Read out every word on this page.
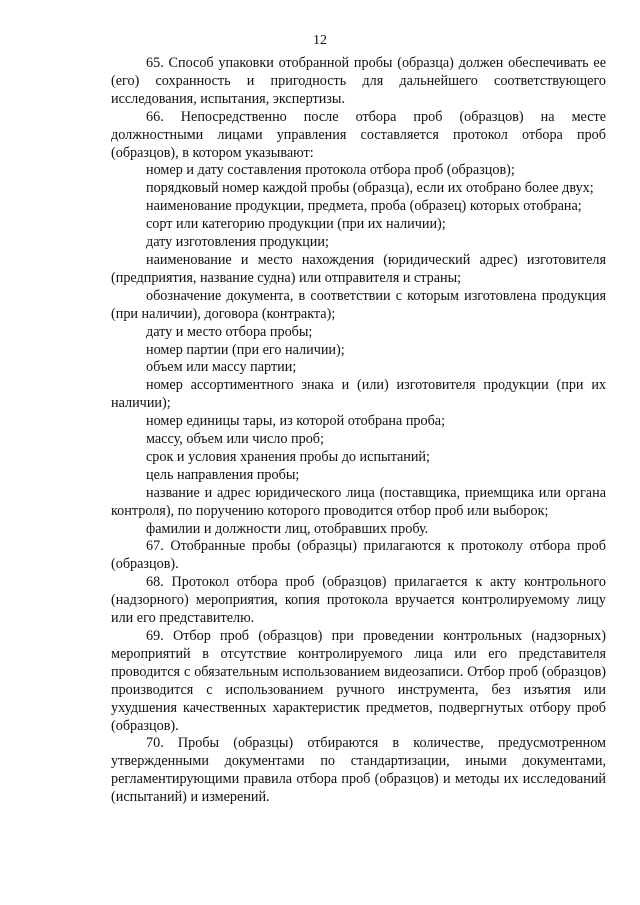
12

65. Способ упаковки отобранной пробы (образца) должен обеспечивать ее (его) сохранность и пригодность для дальнейшего соответствующего исследования, испытания, экспертизы.

66. Непосредственно после отбора проб (образцов) на месте должностными лицами управления составляется протокол отбора проб (образцов), в котором указывают:

номер и дату составления протокола отбора проб (образцов);

порядковый номер каждой пробы (образца), если их отобрано более двух;

наименование продукции, предмета, проба (образец) которых отобрана;

сорт или категорию продукции (при их наличии);

дату изготовления продукции;

наименование и место нахождения (юридический адрес) изготовителя (предприятия, название судна) или отправителя и страны;

обозначение документа, в соответствии с которым изготовлена продукция (при наличии), договора (контракта);

дату и место отбора пробы;

номер партии (при его наличии);

объем или массу партии;

номер ассортиментного знака и (или) изготовителя продукции (при их наличии);

номер единицы тары, из которой отобрана проба;

массу, объем или число проб;

срок и условия хранения пробы до испытаний;

цель направления пробы;

название и адрес юридического лица (поставщика, приемщика или органа контроля), по поручению которого проводится отбор проб или выборок;

фамилии и должности лиц, отобравших пробу.

67. Отобранные пробы (образцы) прилагаются к протоколу отбора проб (образцов).

68. Протокол отбора проб (образцов) прилагается к акту контрольного (надзорного) мероприятия, копия протокола вручается контролируемому лицу или его представителю.

69. Отбор проб (образцов) при проведении контрольных (надзорных) мероприятий в отсутствие контролируемого лица или его представителя проводится с обязательным использованием видеозаписи. Отбор проб (образцов) производится с использованием ручного инструмента, без изъятия или ухудшения качественных характеристик предметов, подвергнутых отбору проб (образцов).

70. Пробы (образцы) отбираются в количестве, предусмотренном утвержденными документами по стандартизации, иными документами, регламентирующими правила отбора проб (образцов) и методы их исследований (испытаний) и измерений.
